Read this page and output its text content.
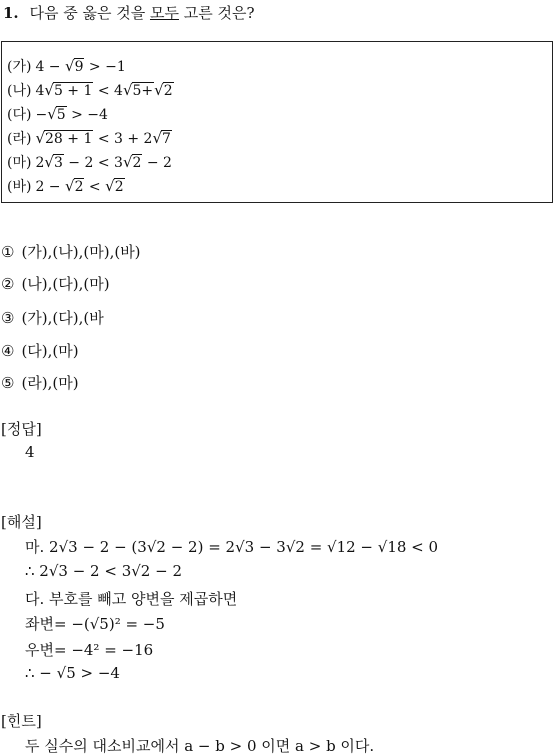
1. 다음 중 옳은 것을 모두 고른 것은?
(가) 4 − √9 > −1
(나) 4√5 + 1 < 4√5+√2
(다) −√5 > −4
(라) √28 + 1 < 3 + 2√7
(마) 2√3 − 2 < 3√2 − 2
(바) 2 − √2 < √2
① (가),(나),(마),(바)
② (나),(다),(마)
③ (가),(다),(바
④ (다),(마)
⑤ (라),(마)
[정답]
4
[해설]
마. 2√3 − 2 − (3√2 − 2) = 2√3 − 3√2 = √12 − √18 < 0
∴ 2√3 − 2 < 3√2 − 2
다. 부호를 빼고 양변을 제곱하면
좌변= −(√5)² = −5
우변= −4² = −16
∴ − √5 > −4
[힌트]
두 실수의 대소비교에서 a − b > 0 이면 a > b 이다.
